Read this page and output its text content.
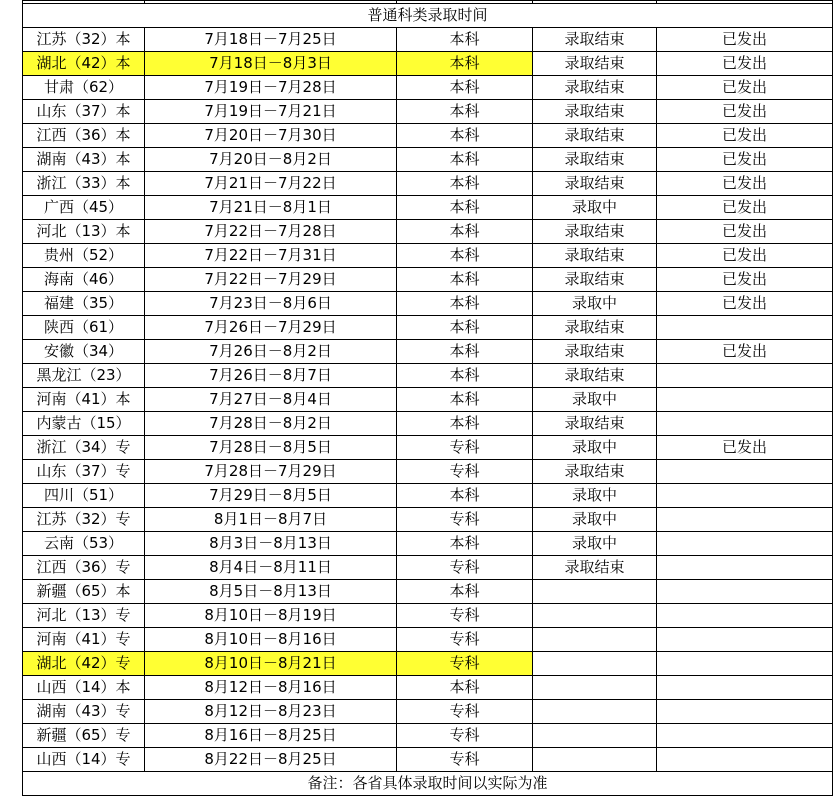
普通科类录取时间				
江苏（32）本	7月18日－7月25日	本科	录取结束	已发出
湖北（42）本	7月18日－8月3日	本科	录取结束	已发出
甘肃（62）	7月19日－7月28日	本科	录取结束	已发出
山东（37）本	7月19日－7月21日	本科	录取结束	已发出
江西（36）本	7月20日－7月30日	本科	录取结束	已发出
湖南（43）本	7月20日－8月2日	本科	录取结束	已发出
浙江（33）本	7月21日－7月22日	本科	录取结束	已发出
广西（45）	7月21日－8月1日	本科	录取中	已发出
河北（13）本	7月22日－7月28日	本科	录取结束	已发出
贵州（52）	7月22日－7月31日	本科	录取结束	已发出
海南（46）	7月22日－7月29日	本科	录取结束	已发出
福建（35）	7月23日－8月6日	本科	录取中	已发出
陕西（61）	7月26日－7月29日	本科	录取结束	
安徽（34）	7月26日－8月2日	本科	录取结束	已发出
黑龙江（23）	7月26日－8月7日	本科	录取结束	
河南（41）本	7月27日－8月4日	本科	录取中	
内蒙古（15）	7月28日－8月2日	本科	录取结束	
浙江（34）专	7月28日－8月5日	专科	录取中	已发出
山东（37）专	7月28日－7月29日	专科	录取结束	
四川（51）	7月29日－8月5日	本科	录取中	
江苏（32）专	8月1日－8月7日	专科	录取中	
云南（53）	8月3日－8月13日	本科	录取中	
江西（36）专	8月4日－8月11日	专科	录取结束	
新疆（65）本	8月5日－8月13日	本科		
河北（13）专	8月10日－8月19日	专科		
河南（41）专	8月10日－8月16日	专科		
湖北（42）专	8月10日－8月21日	专科		
山西（14）本	8月12日－8月16日	本科		
湖南（43）专	8月12日－8月23日	专科		
新疆（65）专	8月16日－8月25日	专科		
山西（14）专	8月22日－8月25日	专科		
备注：各省具体录取时间以实际为准				
